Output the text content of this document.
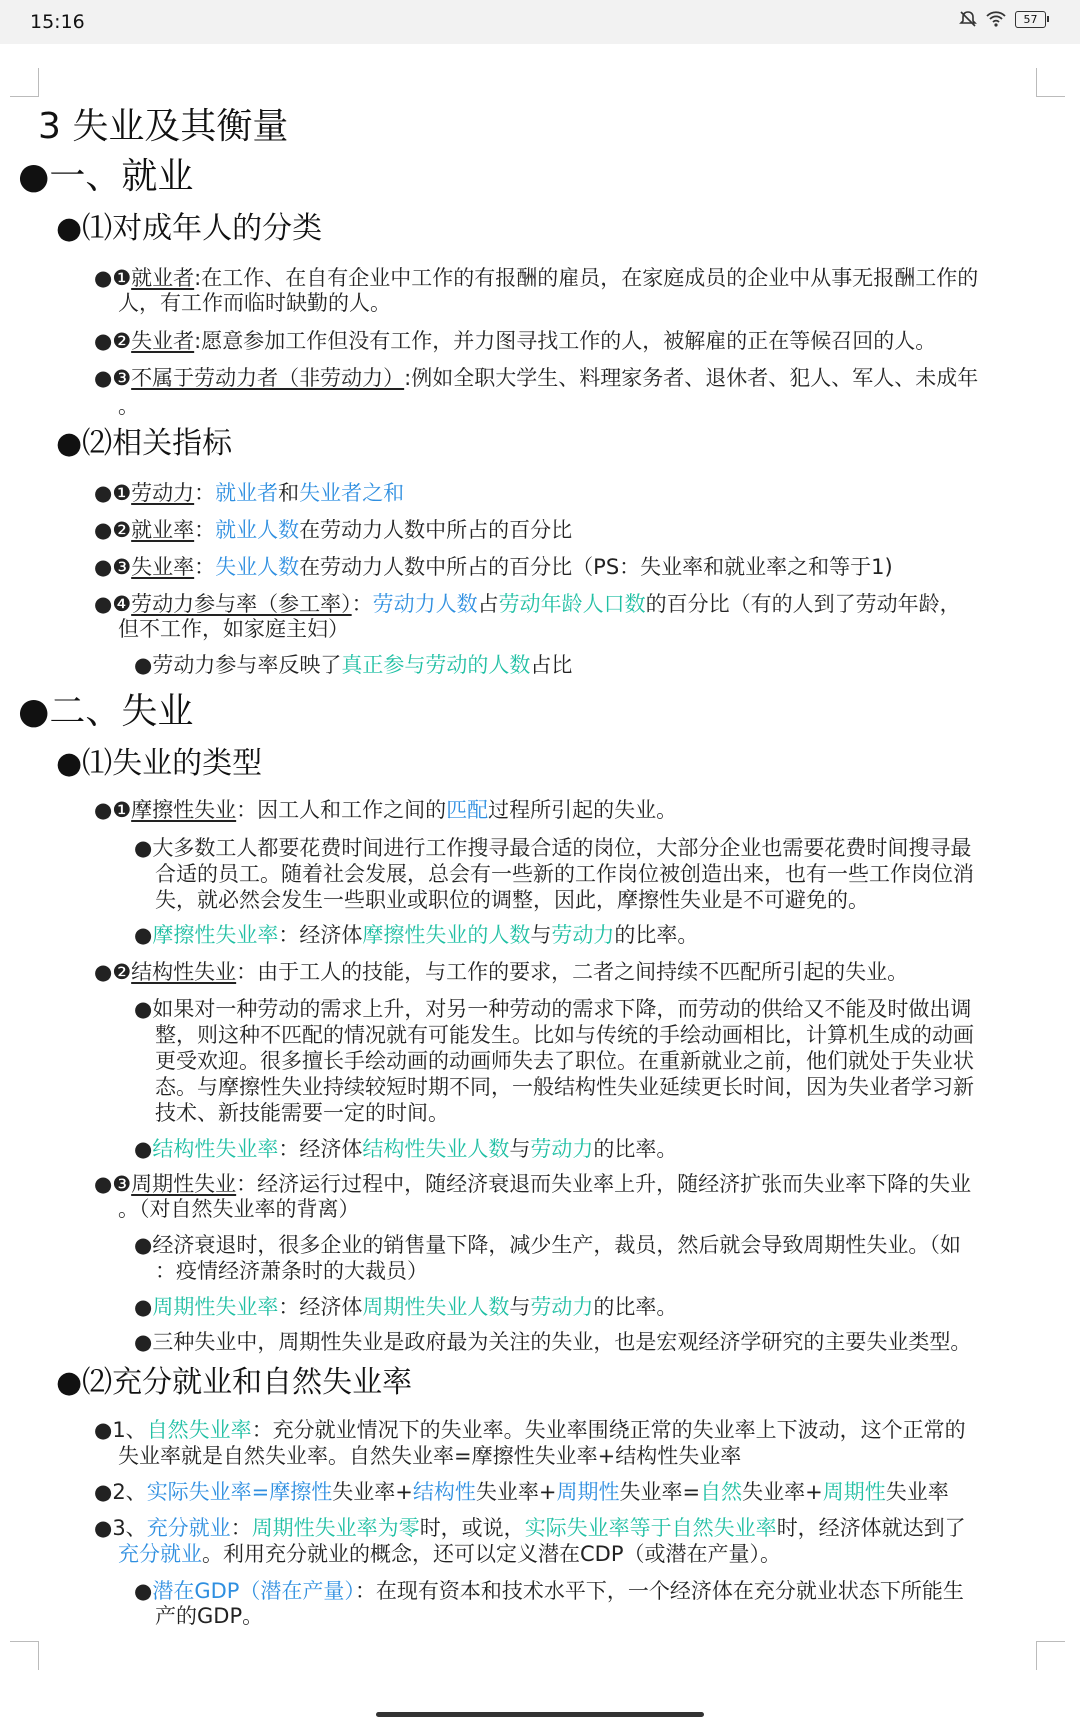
15:16	57
3 失业及其衡量
●一、就业
●⑴对成年人的分类
●❶就业者:在工作、在自有企业中工作的有报酬的雇员，在家庭成员的企业中从事无报酬工作的
人，有工作而临时缺勤的人。
●❷失业者:愿意参加工作但没有工作，并力图寻找工作的人，被解雇的正在等候召回的人。
●❸不属于劳动力者（非劳动力）:例如全职大学生、料理家务者、退休者、犯人、军人、未成年
。
●⑵相关指标
●❶劳动力：就业者和失业者之和
●❷就业率：就业人数在劳动力人数中所占的百分比
●❸失业率：失业人数在劳动力人数中所占的百分比（PS：失业率和就业率之和等于1)
●❹劳动力参与率（参工率）：劳动力人数占劳动年龄人口数的百分比（有的人到了劳动年龄，
但不工作，如家庭主妇）
●劳动力参与率反映了真正参与劳动的人数占比
●二、失业
●⑴失业的类型
●❶摩擦性失业：因工人和工作之间的匹配过程所引起的失业。
●大多数工人都要花费时间进行工作搜寻最合适的岗位，大部分企业也需要花费时间搜寻最
合适的员工。随着社会发展，总会有一些新的工作岗位被创造出来，也有一些工作岗位消
失，就必然会发生一些职业或职位的调整，因此，摩擦性失业是不可避免的。
●摩擦性失业率：经济体摩擦性失业的人数与劳动力的比率。
●❷结构性失业：由于工人的技能，与工作的要求，二者之间持续不匹配所引起的失业。
●如果对一种劳动的需求上升，对另一种劳动的需求下降，而劳动的供给又不能及时做出调
整，则这种不匹配的情况就有可能发生。比如与传统的手绘动画相比，计算机生成的动画
更受欢迎。很多擅长手绘动画的动画师失去了职位。在重新就业之前，他们就处于失业状
态。与摩擦性失业持续较短时期不同，一般结构性失业延续更长时间，因为失业者学习新
技术、新技能需要一定的时间。
●结构性失业率：经济体结构性失业人数与劳动力的比率。
●❸周期性失业：经济运行过程中，随经济衰退而失业率上升，随经济扩张而失业率下降的失业
。（对自然失业率的背离）
●经济衰退时，很多企业的销售量下降，减少生产，裁员，然后就会导致周期性失业。（如
：疫情经济萧条时的大裁员）
●周期性失业率：经济体周期性失业人数与劳动力的比率。
●三种失业中，周期性失业是政府最为关注的失业，也是宏观经济学研究的主要失业类型。
●⑵充分就业和自然失业率
●1、自然失业率：充分就业情况下的失业率。失业率围绕正常的失业率上下波动，这个正常的
失业率就是自然失业率。自然失业率=摩擦性失业率+结构性失业率
●2、实际失业率=摩擦性失业率+结构性失业率+周期性失业率=自然失业率+周期性失业率
●3、充分就业：周期性失业率为零时，或说，实际失业率等于自然失业率时，经济体就达到了
充分就业。利用充分就业的概念，还可以定义潜在CDP（或潜在产量）。
●潜在GDP（潜在产量）：在现有资本和技术水平下，一个经济体在充分就业状态下所能生
产的GDP。
